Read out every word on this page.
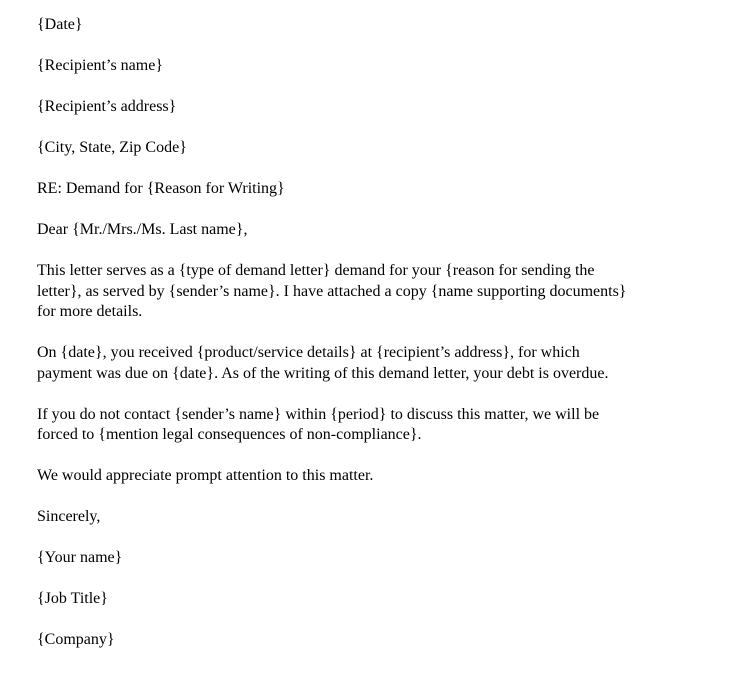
{Date}
{Recipient’s name}
{Recipient’s address}
{City, State, Zip Code}
RE: Demand for {Reason for Writing}
Dear {Mr./Mrs./Ms. Last name},
This letter serves as a {type of demand letter} demand for your {reason for sending the
letter}, as served by {sender’s name}. I have attached a copy {name supporting documents}
for more details.
On {date}, you received {product/service details} at {recipient’s address}, for which
payment was due on {date}. As of the writing of this demand letter, your debt is overdue.
If you do not contact {sender’s name} within {period} to discuss this matter, we will be
forced to {mention legal consequences of non-compliance}.
We would appreciate prompt attention to this matter.
Sincerely,
{Your name}
{Job Title}
{Company}
